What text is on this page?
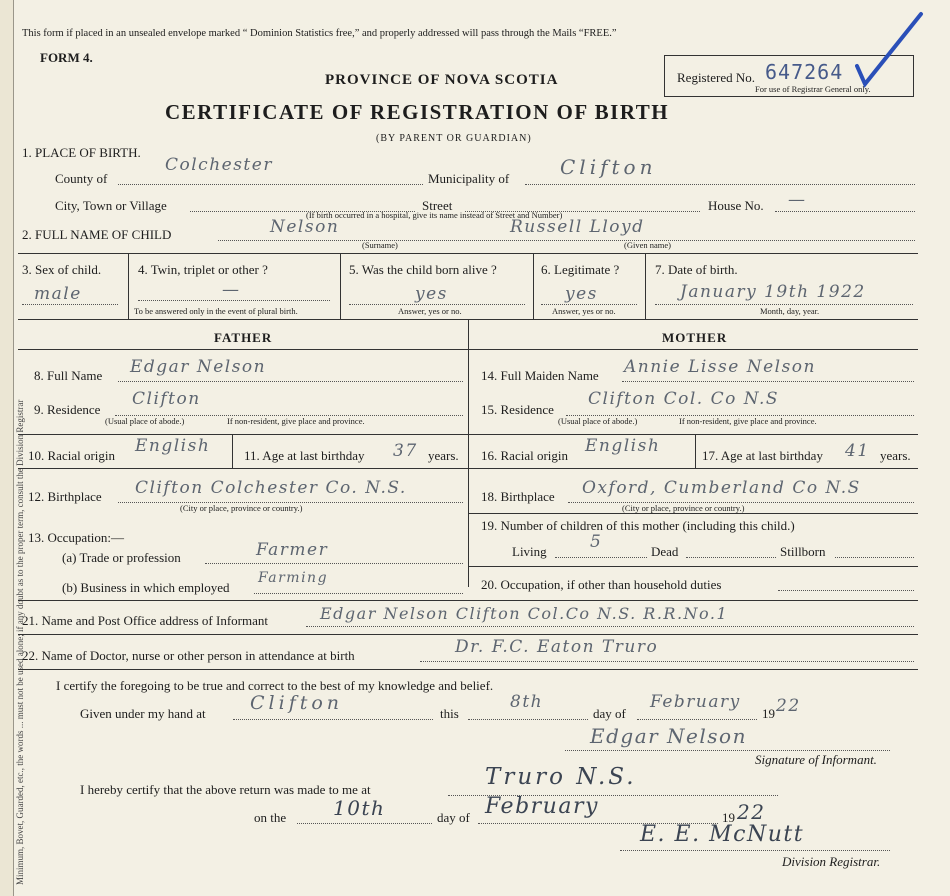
Minimum, Bovet, Guarded, etc., the words ... must not be used alone; if any doubt as to the proper term, consult the Division Registrar
This form if placed in an unsealed envelope marked “ Dominion Statistics free,” and properly addressed will pass through the Mails “FREE.”
FORM 4.
PROVINCE OF NOVA SCOTIA
CERTIFICATE OF REGISTRATION OF BIRTH
(BY PARENT OR GUARDIAN)
Registered No. 647264
For use of Registrar General only.
1. PLACE OF BIRTH.
County of
Colchester
Municipality of	Clifton
City, Town or Village	Street	House No. —
(If birth occurred in a hospital, give its name instead of Street and Number)
2. FULL NAME OF CHILD	Nelson	Russell Lloyd
(Surname)	(Given name)
3. Sex of child.
male
4. Twin, triplet or other ?
—
To be answered only in the event of plural birth.
5. Was the child born alive ?
yes
Answer, yes or no.
6. Legitimate ?
yes
Answer, yes or no.
7. Date of birth.
January 19th 1922
Month, day, year.
FATHER	MOTHER
8. Full Name Edgar Nelson
9. Residence
Clifton
(Usual place of abode.)	If non-resident, give place and province.
10. Racial origin English	11. Age at last birthday 37 years.
12. Birthplace Clifton Colchester Co. N.S.
(City or place, province or country.)
13. Occupation:—
(a) Trade or profession	Farmer
(b) Business in which employed
Farming
14. Full Maiden Name Annie Lisse Nelson
15. Residence
Clifton Col. Co N.S
(Usual place of abode.)	If non-resident, give place and province.
16. Racial origin English	17. Age at last birthday 41 years.
18. Birthplace Oxford, Cumberland Co N.S
(City or place, province or country.)
19. Number of children of this mother (including this child.)
Living	5	Dead	Stillborn
20. Occupation, if other than household duties
21. Name and Post Office address of Informant	Edgar Nelson Clifton Col.Co N.S. R.R.No.1
22. Name of Doctor, nurse or other person in attendance at birth	Dr. F.C. Eaton Truro
I certify the foregoing to be true and correct to the best of my knowledge and belief.
Given under my hand at Clifton	this
8th
day of
February
19 22
Edgar Nelson
Signature of Informant.
I hereby certify that the above return was made to me at	Truro N.S.
on the 10th	day of February	19 22
E. E. McNutt
Division Registrar.
